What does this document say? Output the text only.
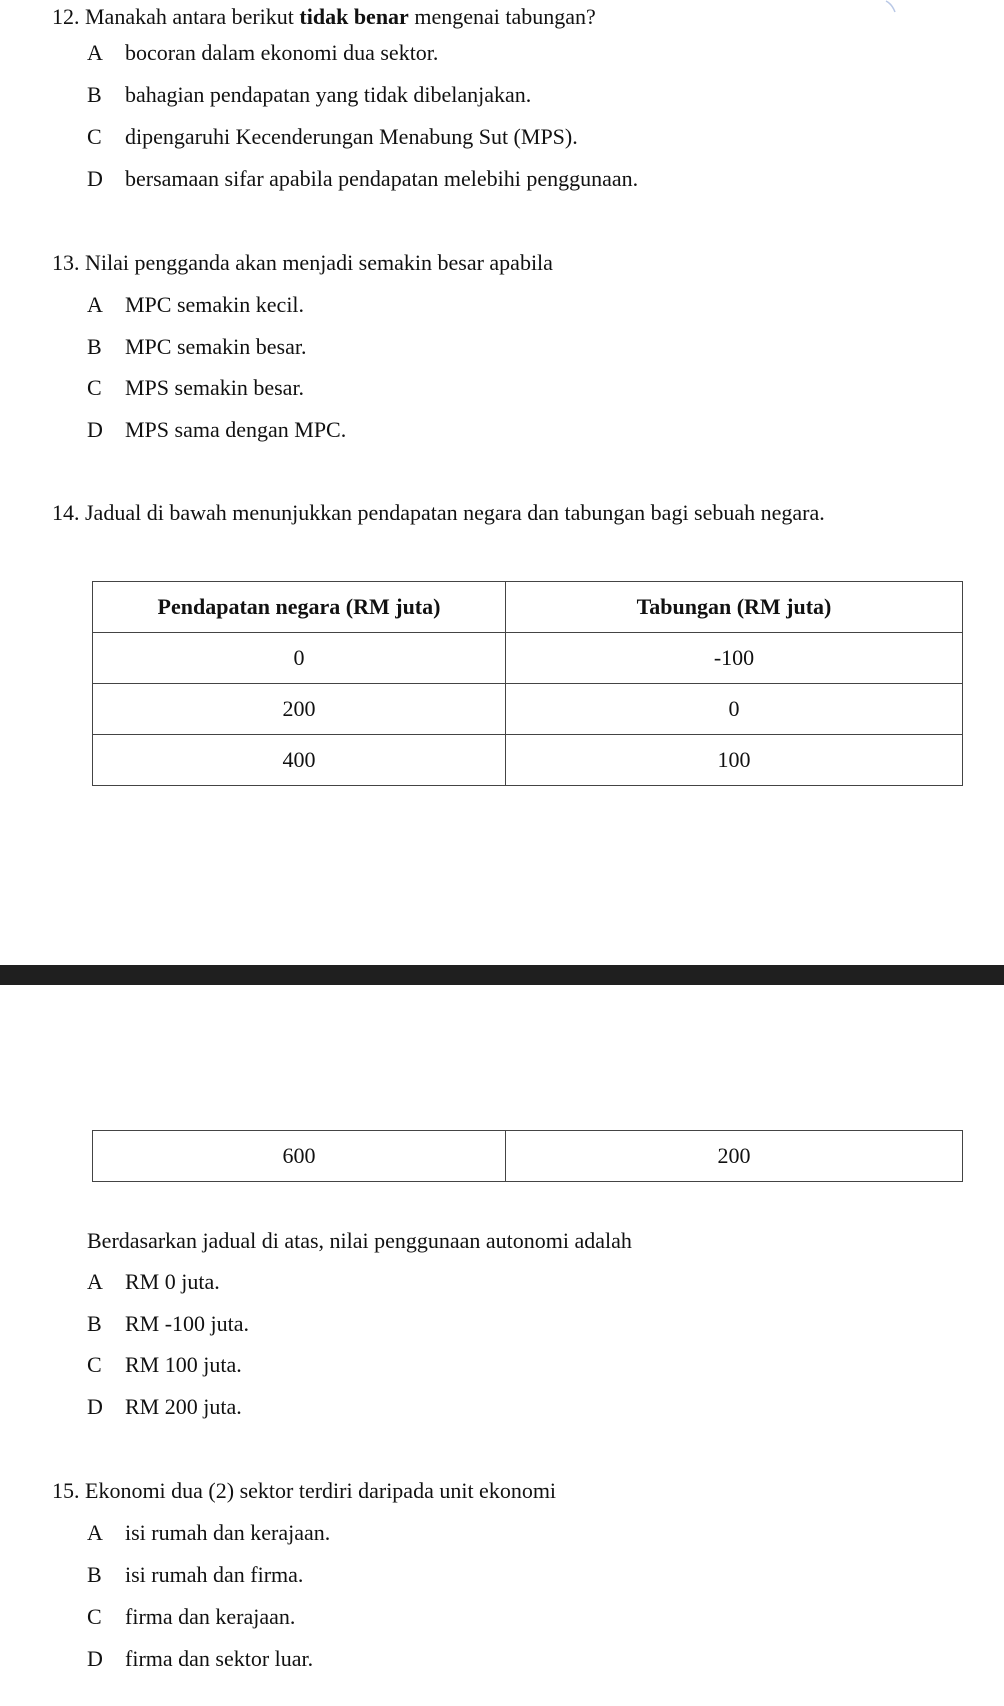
12. Manakah antara berikut tidak benar mengenai tabungan?
A bocoran dalam ekonomi dua sektor.
B bahagian pendapatan yang tidak dibelanjakan.
C dipengaruhi Kecenderungan Menabung Sut (MPS).
D bersamaan sifar apabila pendapatan melebihi penggunaan.
13. Nilai pengganda akan menjadi semakin besar apabila
A MPC semakin kecil.
B MPC semakin besar.
C MPS semakin besar.
D MPS sama dengan MPC.
14. Jadual di bawah menunjukkan pendapatan negara dan tabungan bagi sebuah negara.
Pendapatan negara (RM juta)	Tabungan (RM juta)
0	-100
200	0
400	100
600	200
Berdasarkan jadual di atas, nilai penggunaan autonomi adalah
A RM 0 juta.
B RM -100 juta.
C RM 100 juta.
D RM 200 juta.
15. Ekonomi dua (2) sektor terdiri daripada unit ekonomi
A isi rumah dan kerajaan.
B isi rumah dan firma.
C firma dan kerajaan.
D firma dan sektor luar.
